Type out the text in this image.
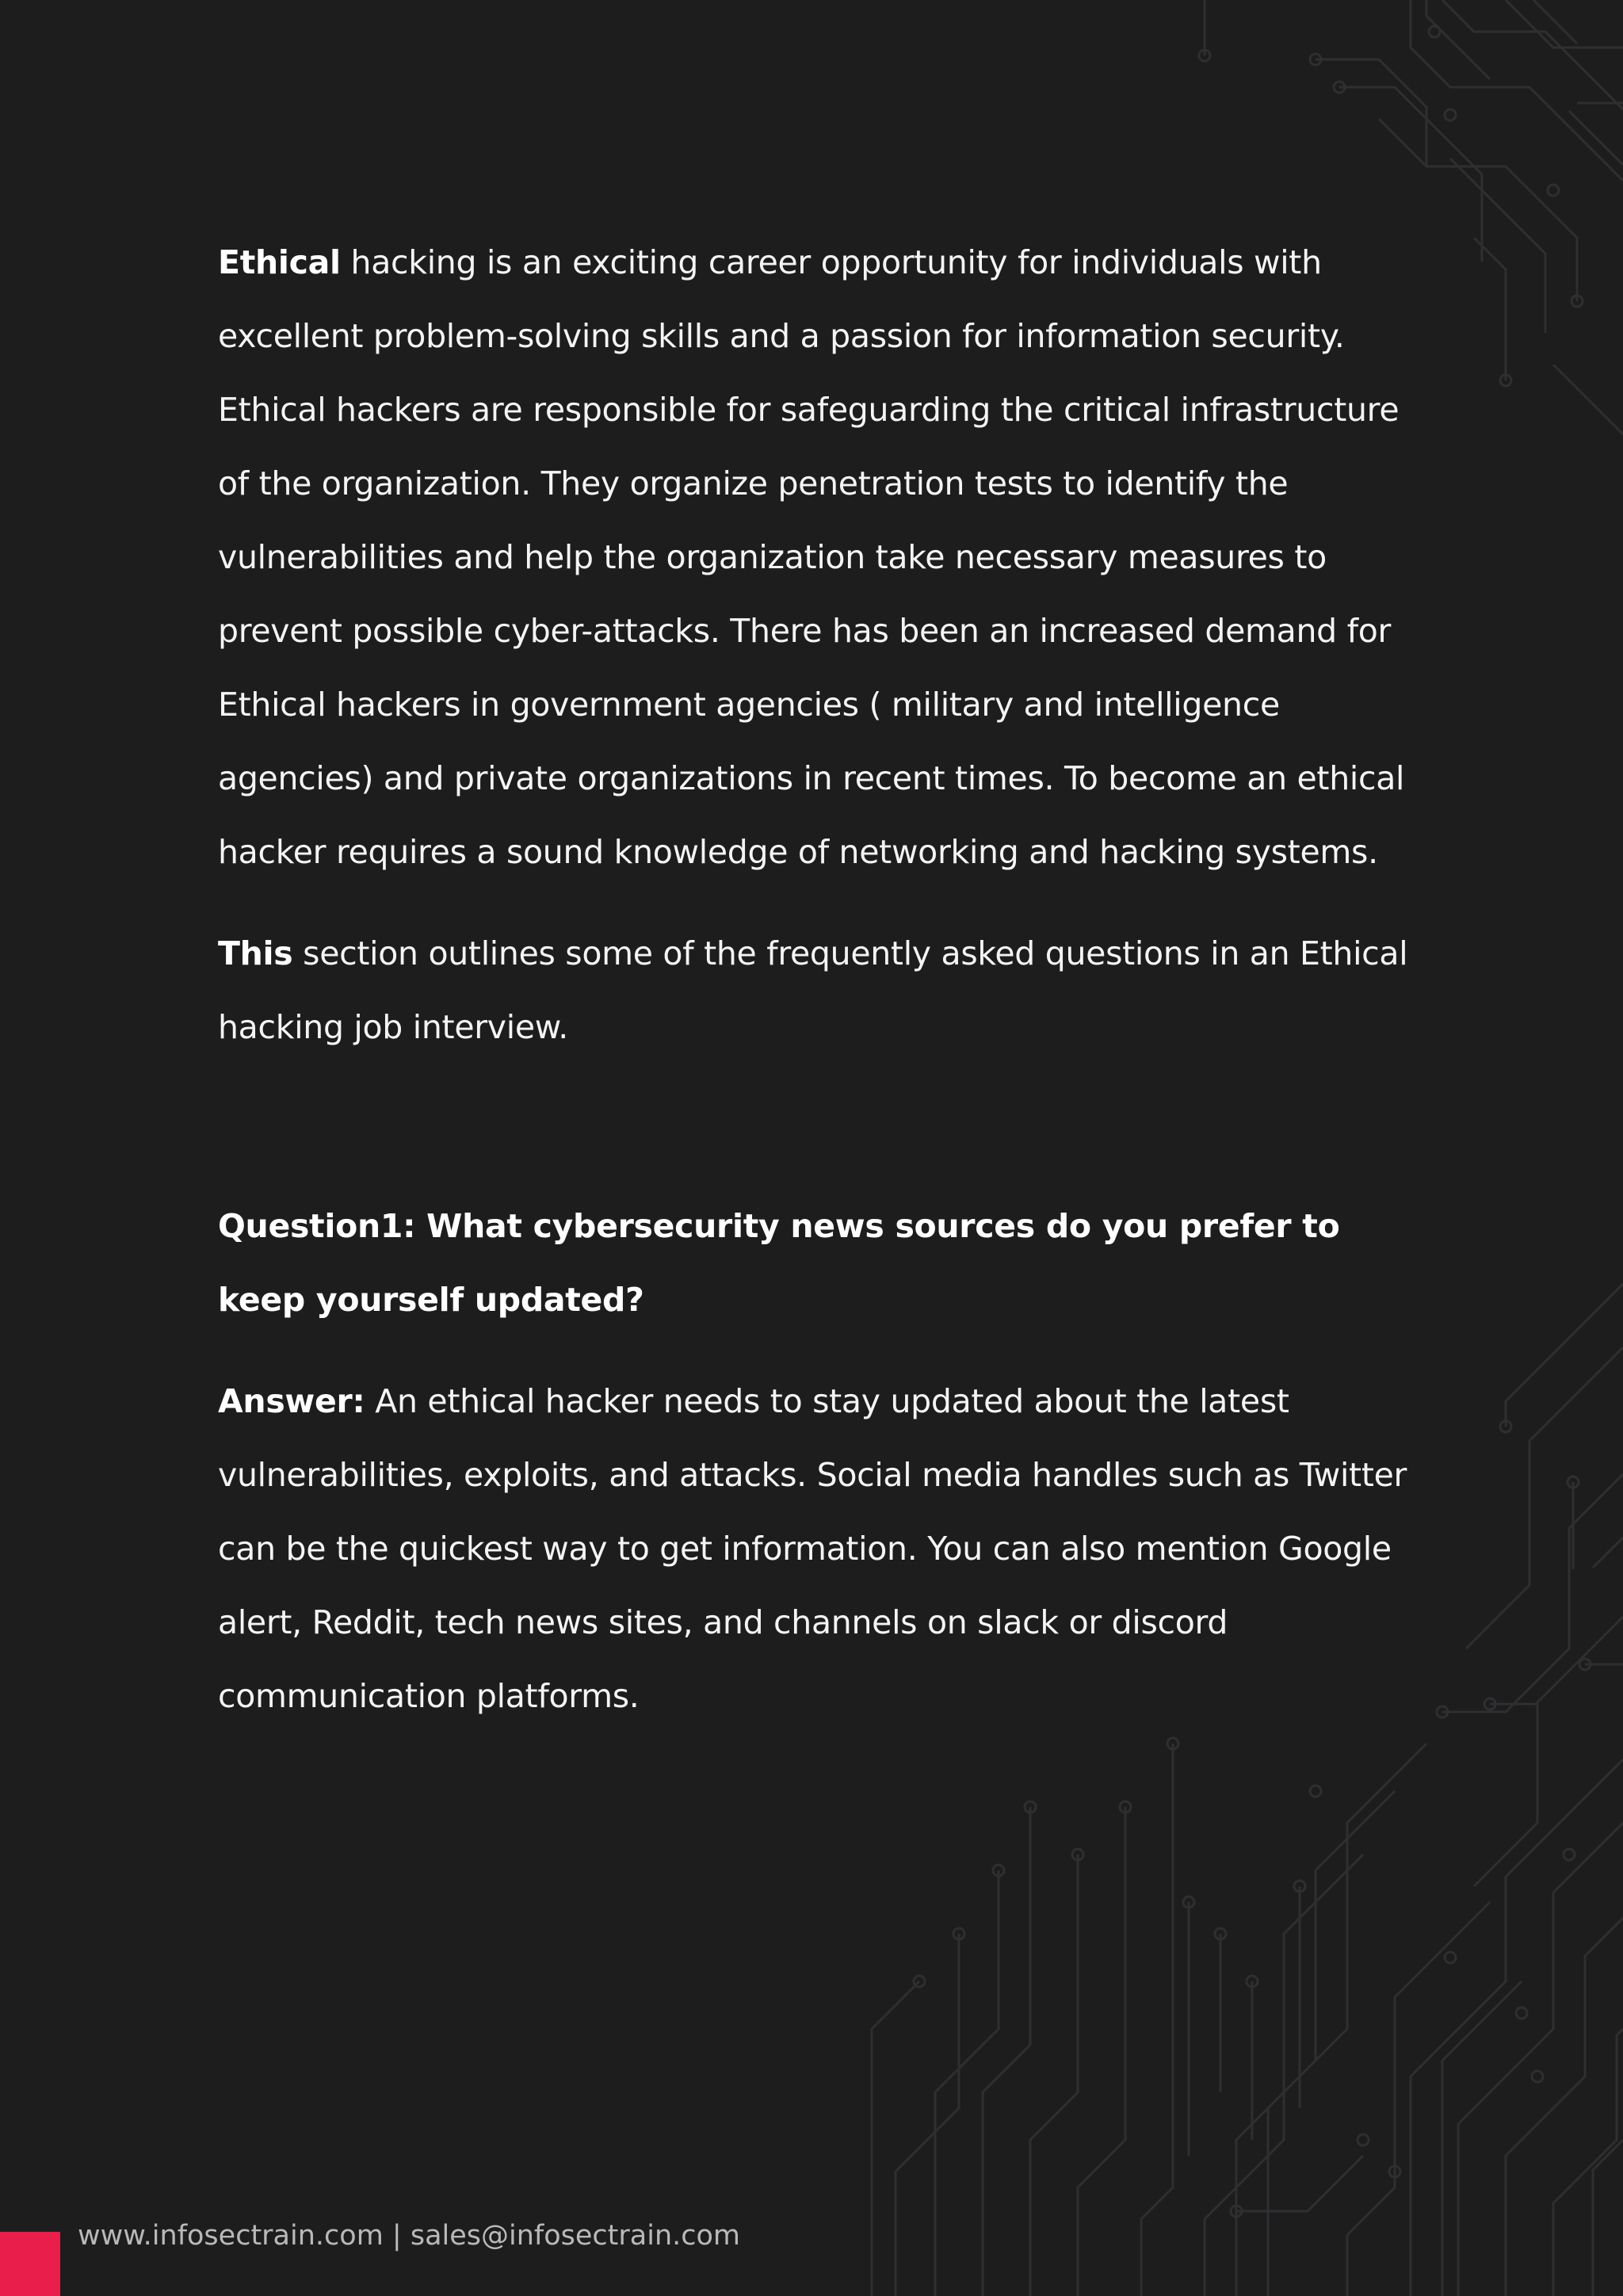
Ethical hacking is an exciting career opportunity for individuals with excellent problem-solving skills and a passion for information security. Ethical hackers are responsible for safeguarding the critical infrastructure of the organization. They organize penetration tests to identify the vulnerabilities and help the organization take necessary measures to prevent possible cyber-attacks. There has been an increased demand for Ethical hackers in government agencies ( military and intelligence agencies) and private organizations in recent times. To become an ethical hacker requires a sound knowledge of networking and hacking systems.

This section outlines some of the frequently asked questions in an Ethical hacking job interview.

Question1: What cybersecurity news sources do you prefer to keep yourself updated?

Answer: An ethical hacker needs to stay updated about the latest vulnerabilities, exploits, and attacks. Social media handles such as Twitter can be the quickest way to get information. You can also mention Google alert, Reddit, tech news sites, and channels on slack or discord communication platforms.

www.infosectrain.com | sales@infosectrain.com
